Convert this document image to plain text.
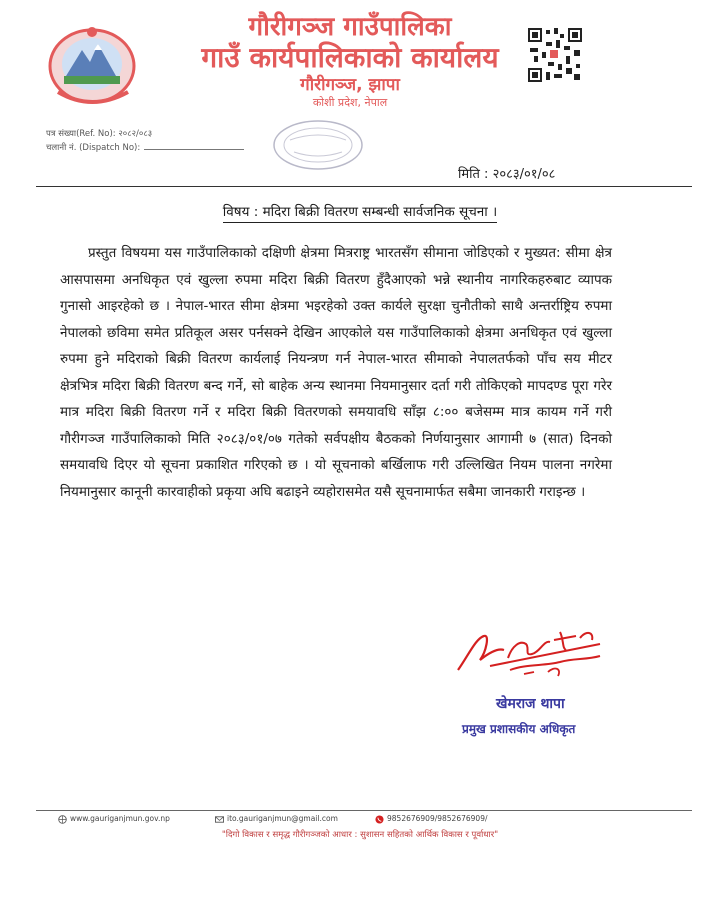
गौरीगञ्ज गाउँपालिका
गाउँ कार्यपालिकाको कार्यालय
गौरीगञ्ज, झापा
कोशी प्रदेश, नेपाल
पत्र संख्या(Ref. No): २०८२/०८३
चलानी नं. (Dispatch No):
मिति : २०८३/०१/०८
विषय : मदिरा बिक्री वितरण सम्बन्धी सार्वजनिक सूचना ।
प्रस्तुत विषयमा यस गाउँपालिकाको दक्षिणी क्षेत्रमा मित्रराष्ट्र भारतसँग सीमाना जोडिएको र मुख्यत: सीमा क्षेत्र आसपासमा अनधिकृत एवं खुल्ला रुपमा मदिरा बिक्री वितरण हुँदैआएको भन्ने स्थानीय नागरिकहरुबाट व्यापक गुनासो आइरहेको छ । नेपाल-भारत सीमा क्षेत्रमा भइरहेको उक्त कार्यले सुरक्षा चुनौतीको साथै अन्तर्राष्ट्रिय रुपमा नेपालको छविमा समेत प्रतिकूल असर पर्नसक्ने देखिन आएकोले यस गाउँपालिकाको क्षेत्रमा अनधिकृत एवं खुल्ला रुपमा हुने मदिराको बिक्री वितरण कार्यलाई नियन्त्रण गर्न नेपाल-भारत सीमाको नेपालतर्फको पाँच सय मीटर क्षेत्रभित्र मदिरा बिक्री वितरण बन्द गर्ने, सो बाहेक अन्य स्थानमा नियमानुसार दर्ता गरी तोकिएको मापदण्ड पूरा गरेर मात्र मदिरा बिक्री वितरण गर्ने र मदिरा बिक्री वितरणको समयावधि साँझ ८:०० बजेसम्म मात्र कायम गर्ने गरी गौरीगञ्ज गाउँपालिकाको मिति २०८३/०१/०७ गतेको सर्वपक्षीय बैठकको निर्णयानुसार आगामी ७ (सात) दिनको समयावधि दिएर यो सूचना प्रकाशित गरिएको छ । यो सूचनाको बर्खिलाफ गरी उल्लिखित नियम पालना नगरेमा नियमानुसार कानूनी कारवाहीको प्रकृया अघि बढाइने व्यहोरासमेत यसै सूचनामार्फत सबैमा जानकारी गराइन्छ ।
खेमराज थापा
प्रमुख प्रशासकीय अधिकृत
www.gauriganjmun.gov.np	ito.gauriganjmun@gmail.com	9852676909/9852676909/
"दिगो विकास र समृद्ध गौरीगञ्जको आधार : सुशासन सहितको आर्थिक विकास र पूर्वाधार"
